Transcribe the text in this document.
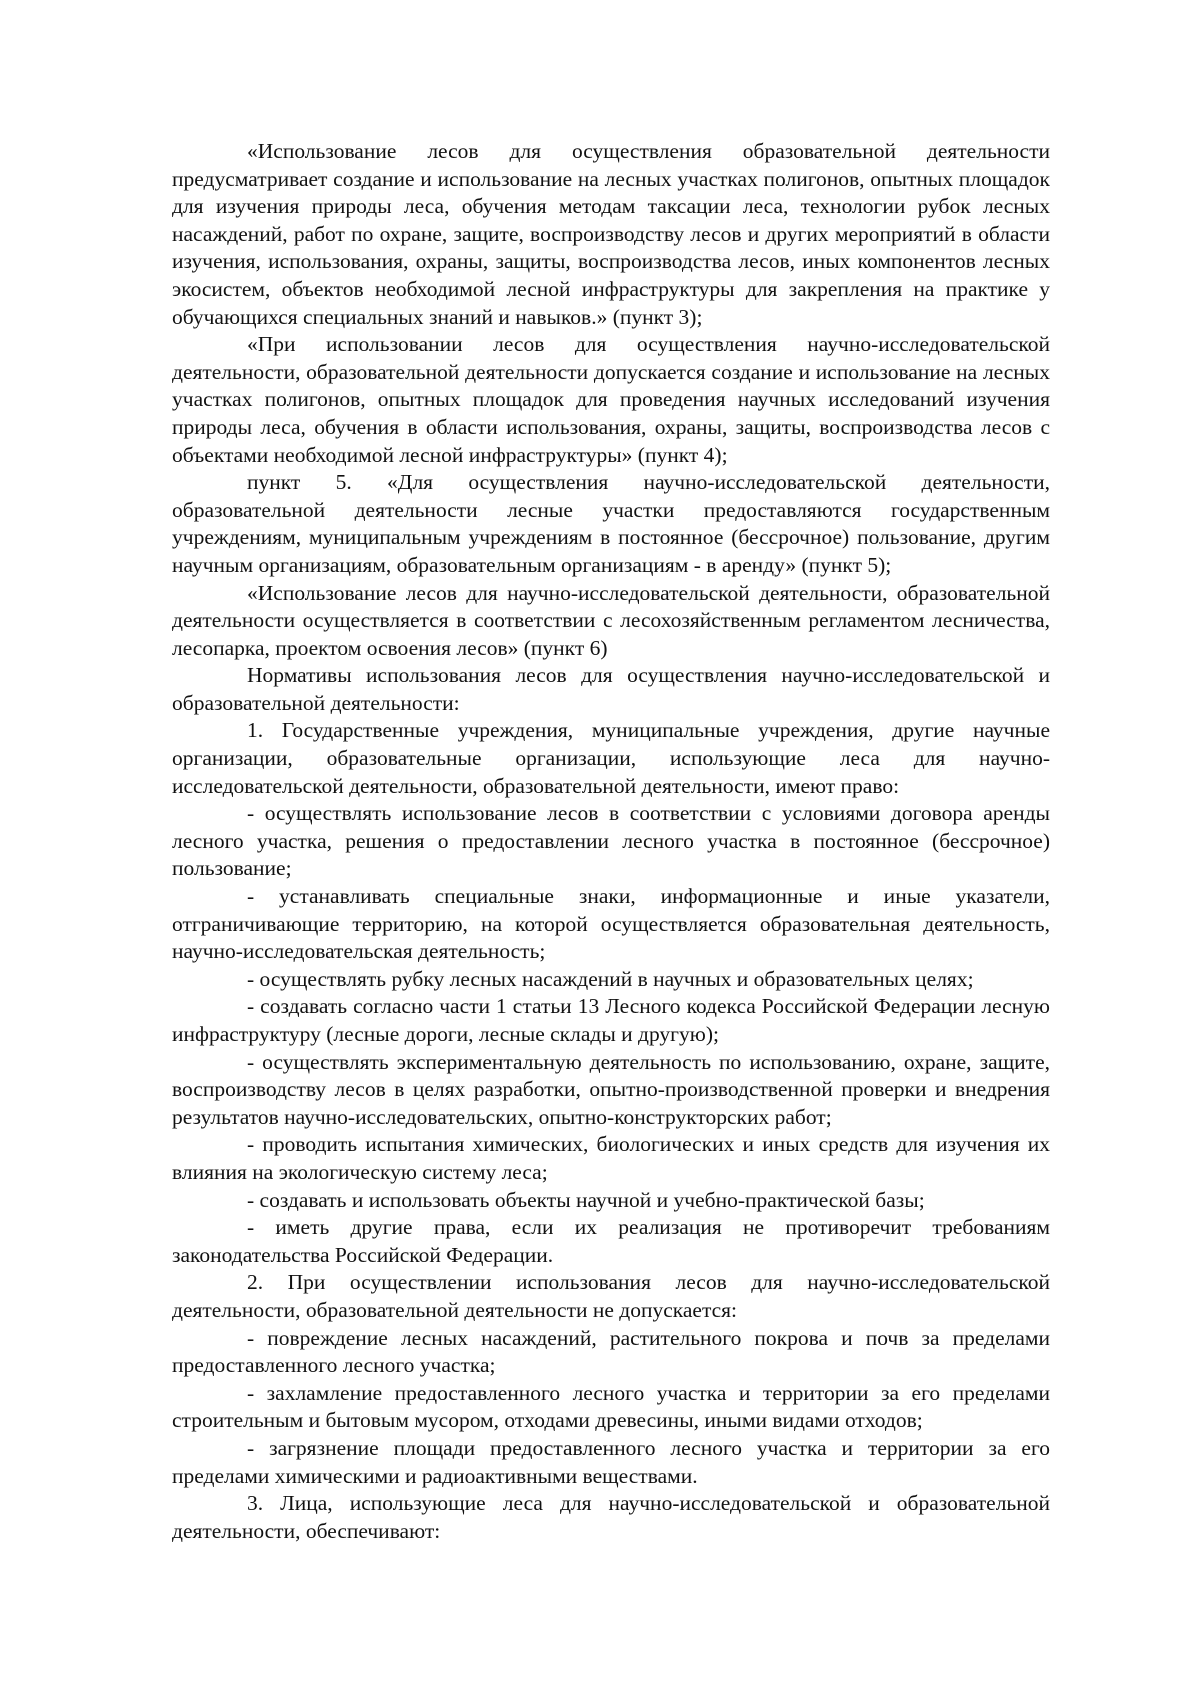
«Использование лесов для осуществления образовательной деятельности предусматривает создание и использование на лесных участках полигонов, опытных площадок для изучения природы леса, обучения методам таксации леса, технологии рубок лесных насаждений, работ по охране, защите, воспроизводству лесов и других мероприятий в области изучения, использования, охраны, защиты, воспроизводства лесов, иных компонентов лесных экосистем, объектов необходимой лесной инфраструктуры для закрепления на практике у обучающихся специальных знаний и навыков.» (пункт 3);

«При использовании лесов для осуществления научно-исследовательской деятельности, образовательной деятельности допускается создание и использование на лесных участках полигонов, опытных площадок для проведения научных исследований изучения природы леса, обучения в области использования, охраны, защиты, воспроизводства лесов с объектами необходимой лесной инфраструктуры» (пункт 4);

пункт 5. «Для осуществления научно-исследовательской деятельности, образовательной деятельности лесные участки предоставляются государственным учреждениям, муниципальным учреждениям в постоянное (бессрочное) пользование, другим научным организациям, образовательным организациям - в аренду» (пункт 5);

«Использование лесов для научно-исследовательской деятельности, образовательной деятельности осуществляется в соответствии с лесохозяйственным регламентом лесничества, лесопарка, проектом освоения лесов» (пункт 6)

Нормативы использования лесов для осуществления научно-исследовательской и образовательной деятельности:

1. Государственные учреждения, муниципальные учреждения, другие научные организации, образовательные организации, использующие леса для научно-исследовательской деятельности, образовательной деятельности, имеют право:

- осуществлять использование лесов в соответствии с условиями договора аренды лесного участка, решения о предоставлении лесного участка в постоянное (бессрочное) пользование;

- устанавливать специальные знаки, информационные и иные указатели, отграничивающие территорию, на которой осуществляется образовательная деятельность, научно-исследовательская деятельность;

- осуществлять рубку лесных насаждений в научных и образовательных целях;

- создавать согласно части 1 статьи 13 Лесного кодекса Российской Федерации лесную инфраструктуру (лесные дороги, лесные склады и другую);

- осуществлять экспериментальную деятельность по использованию, охране, защите, воспроизводству лесов в целях разработки, опытно-производственной проверки и внедрения результатов научно-исследовательских, опытно-конструкторских работ;

- проводить испытания химических, биологических и иных средств для изучения их влияния на экологическую систему леса;

- создавать и использовать объекты научной и учебно-практической базы;

- иметь другие права, если их реализация не противоречит требованиям законодательства Российской Федерации.

2. При осуществлении использования лесов для научно-исследовательской деятельности, образовательной деятельности не допускается:

- повреждение лесных насаждений, растительного покрова и почв за пределами предоставленного лесного участка;

- захламление предоставленного лесного участка и территории за его пределами строительным и бытовым мусором, отходами древесины, иными видами отходов;

- загрязнение площади предоставленного лесного участка и территории за его пределами химическими и радиоактивными веществами.

3. Лица, использующие леса для научно-исследовательской и образовательной деятельности, обеспечивают:
